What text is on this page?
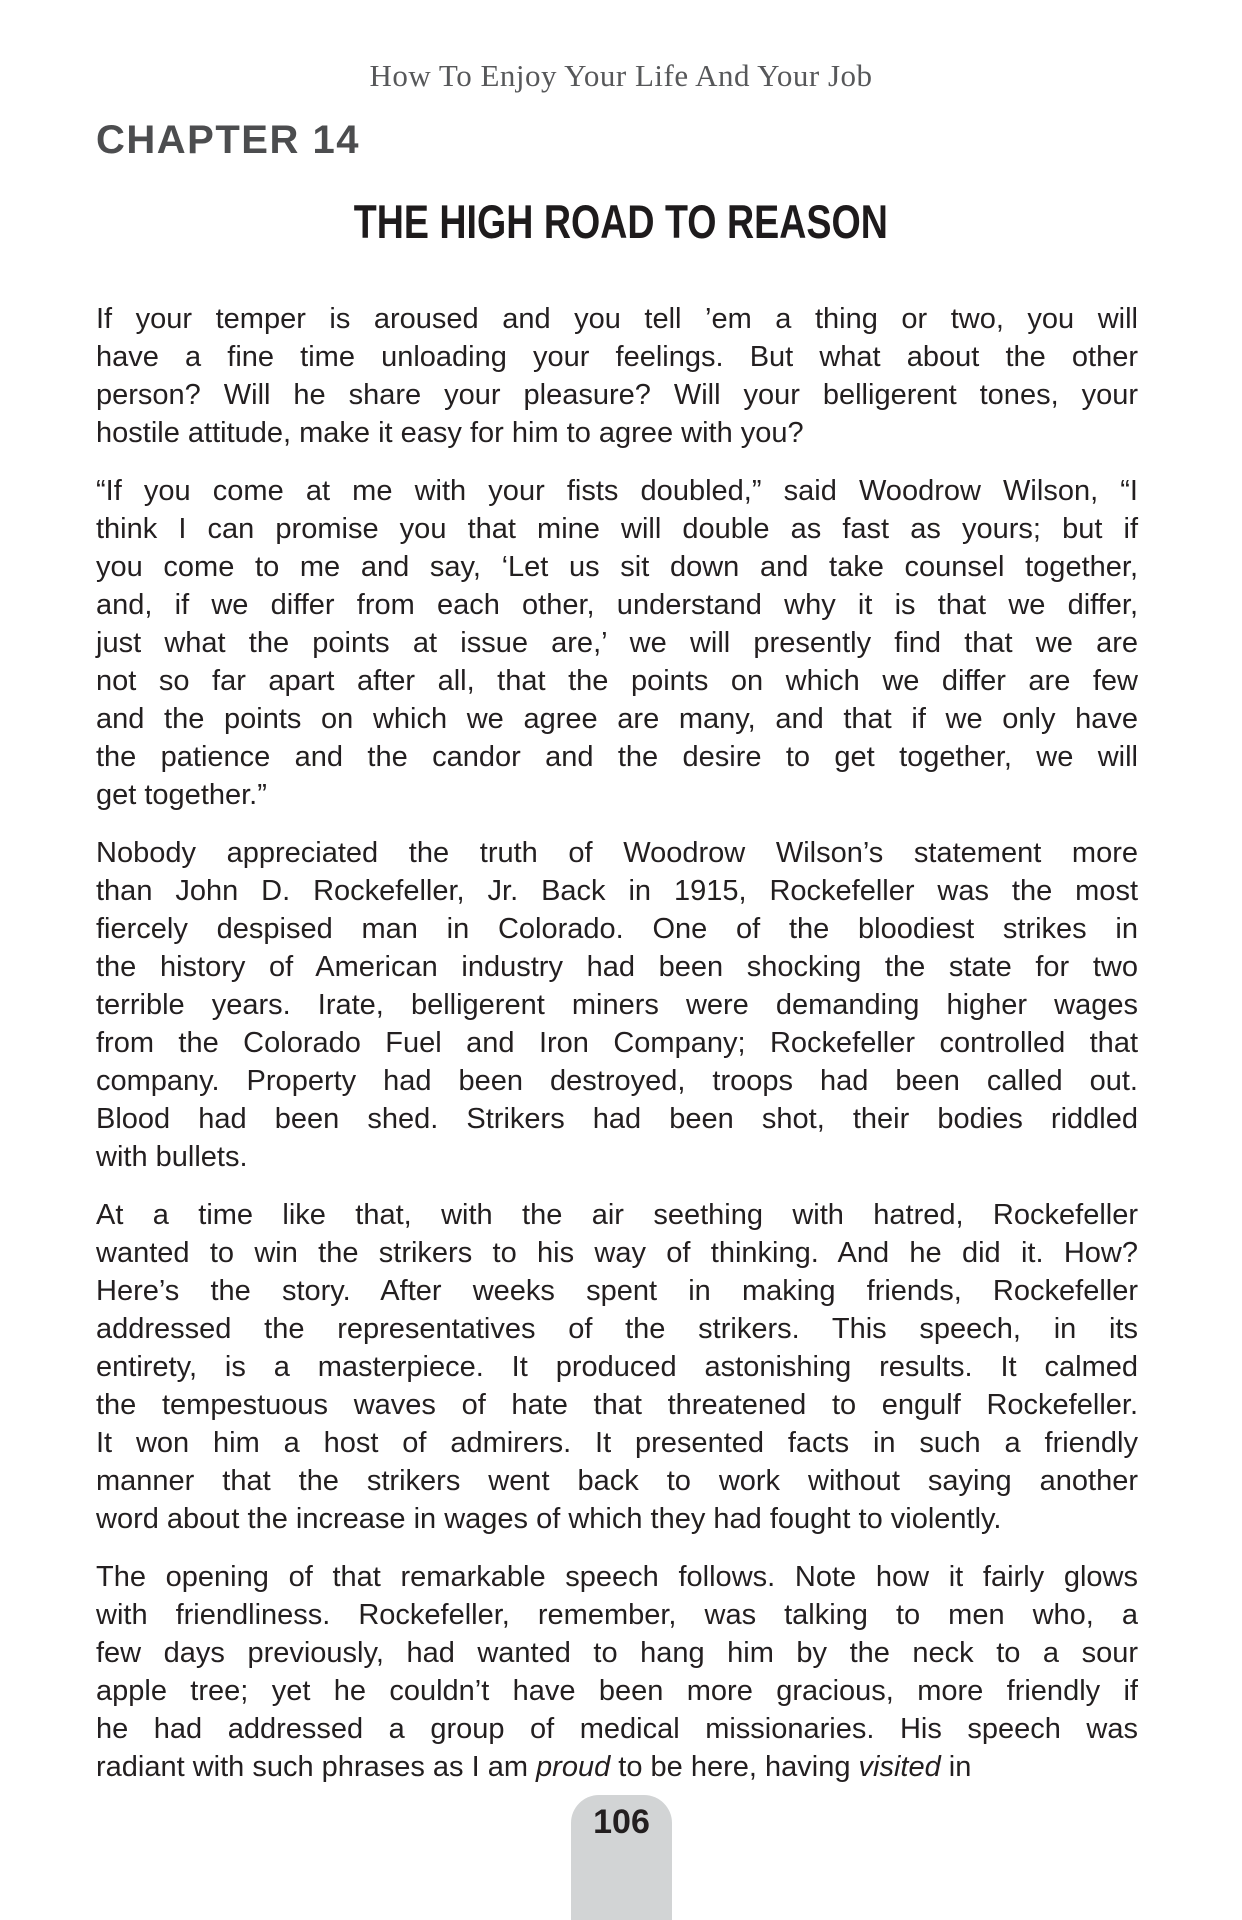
How To Enjoy Your Life And Your Job
CHAPTER 14
THE HIGH ROAD TO REASON
If your temper is aroused and you tell ’em a thing or two, you will
have a fine time unloading your feelings. But what about the other
person? Will he share your pleasure? Will your belligerent tones, your
hostile attitude, make it easy for him to agree with you?
“If you come at me with your fists doubled,” said Woodrow Wilson, “I
think I can promise you that mine will double as fast as yours; but if
you come to me and say, ‘Let us sit down and take counsel together,
and, if we differ from each other, understand why it is that we differ,
just what the points at issue are,’ we will presently find that we are
not so far apart after all, that the points on which we differ are few
and the points on which we agree are many, and that if we only have
the patience and the candor and the desire to get together, we will
get together.”
Nobody appreciated the truth of Woodrow Wilson’s statement more
than John D. Rockefeller, Jr. Back in 1915, Rockefeller was the most
fiercely despised man in Colorado. One of the bloodiest strikes in
the history of American industry had been shocking the state for two
terrible years. Irate, belligerent miners were demanding higher wages
from the Colorado Fuel and Iron Company; Rockefeller controlled that
company. Property had been destroyed, troops had been called out.
Blood had been shed. Strikers had been shot, their bodies riddled
with bullets.
At a time like that, with the air seething with hatred, Rockefeller
wanted to win the strikers to his way of thinking. And he did it. How?
Here’s the story. After weeks spent in making friends, Rockefeller
addressed the representatives of the strikers. This speech, in its
entirety, is a masterpiece. It produced astonishing results. It calmed
the tempestuous waves of hate that threatened to engulf Rockefeller.
It won him a host of admirers. It presented facts in such a friendly
manner that the strikers went back to work without saying another
word about the increase in wages of which they had fought to violently.
The opening of that remarkable speech follows. Note how it fairly glows
with friendliness. Rockefeller, remember, was talking to men who, a
few days previously, had wanted to hang him by the neck to a sour
apple tree; yet he couldn’t have been more gracious, more friendly if
he had addressed a group of medical missionaries. His speech was
radiant with such phrases as I am proud to be here, having visited in
106
